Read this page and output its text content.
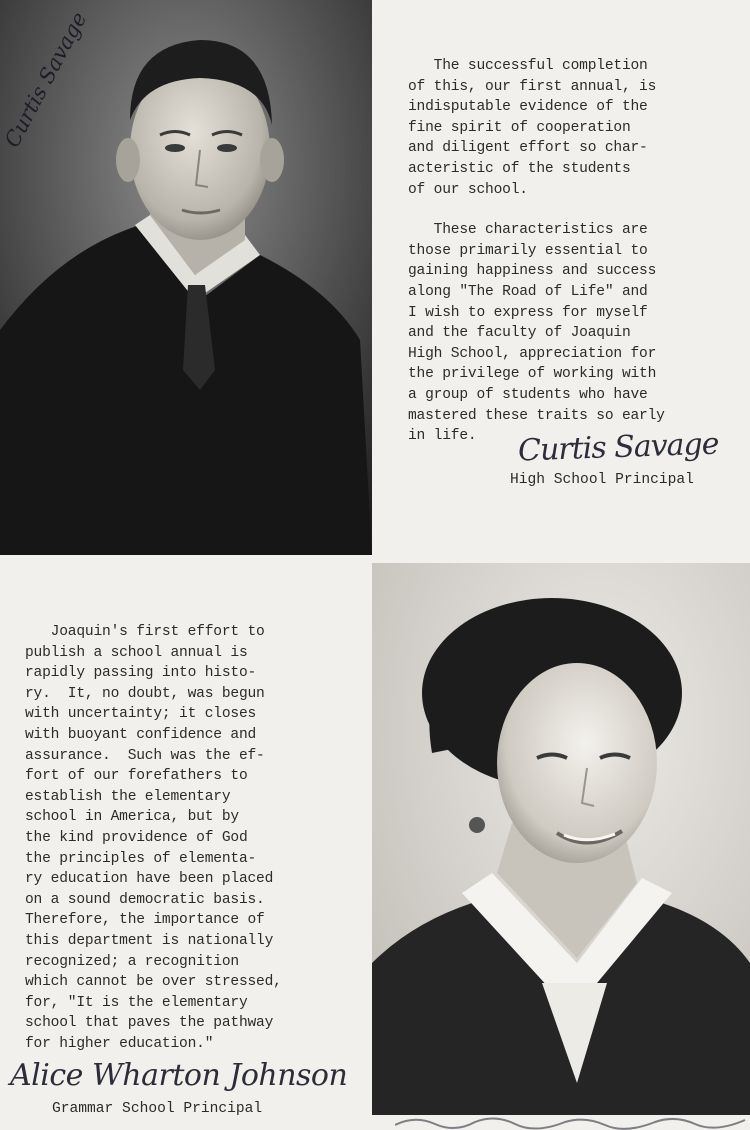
Curtis Savage	The successful completion

of this, our first annual, is

indisputable evidence of the

fine spirit of cooperation

and diligent effort so char-

acteristic of the students

of our school.

These characteristics are

those primarily essential to

gaining happiness and success

along "The Road of Life" and

I wish to express for myself

and the faculty of Joaquin

High School, appreciation for

the privilege of working with

a group of students who have

mastered these traits so early

in life.	Curtis Savage
High School Principal

Joaquin's first effort to

publish a school annual is

rapidly passing into histo-

ry.  It, no doubt, was begun

with uncertainty; it closes

with buoyant confidence and

assurance.  Such was the ef-

fort of our forefathers to

establish the elementary

school in America, but by

the kind providence of God

the principles of elementa-

ry education have been placed

on a sound democratic basis.

Therefore, the importance of

this department is nationally

recognized; a recognition

which cannot be over stressed,

for, "It is the elementary

school that paves the pathway

for higher education."

Alice Wharton Johnson
Grammar School Principal
